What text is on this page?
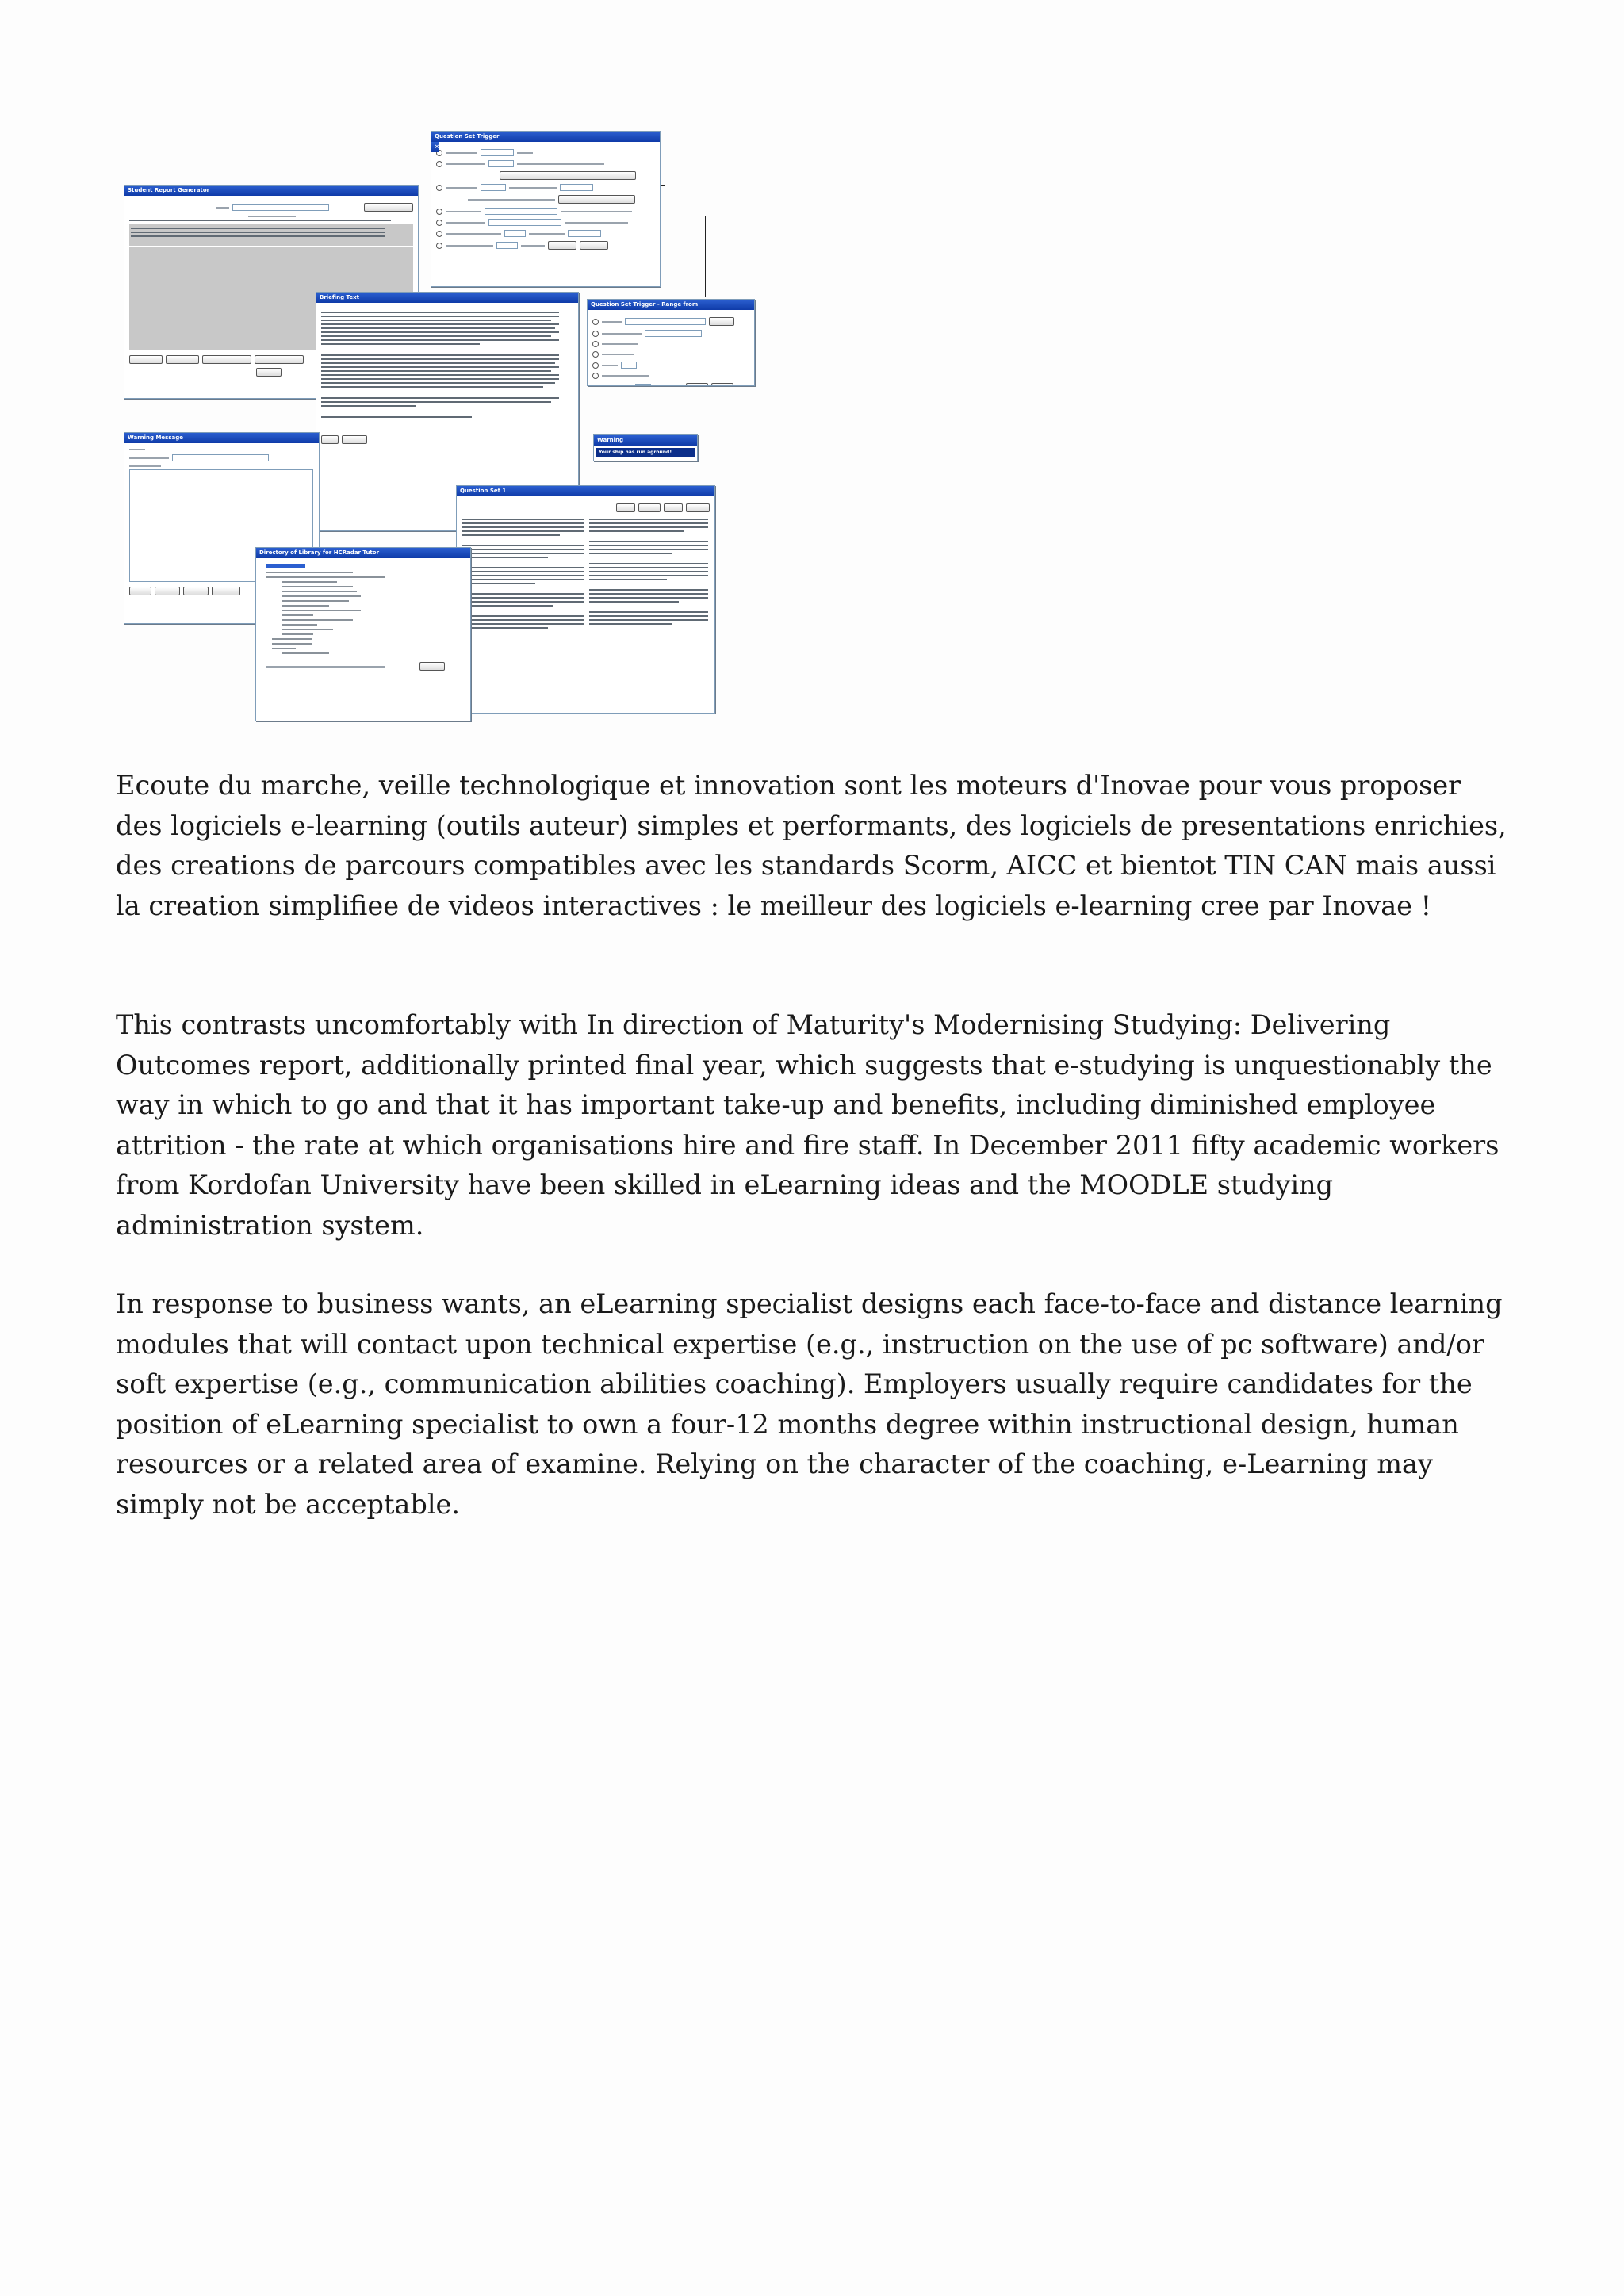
Question Set Trigger
×
Student Report Generator
Briefing Text
Question Set Trigger - Range from
Warning Message	Warning
Your ship has run aground!
Question Set 1
Directory of Library for HCRadar Tutor

Ecoute du marche, veille technologique et innovation sont les moteurs d'Inovae pour vous proposer des logiciels e-learning (outils auteur) simples et performants, des logiciels de presentations enrichies, des creations de parcours compatibles avec les standards Scorm, AICC et bientot TIN CAN mais aussi la creation simplifiee de videos interactives : le meilleur des logiciels e-learning cree par Inovae !

This contrasts uncomfortably with In direction of Maturity's Modernising Studying: Delivering Outcomes report, additionally printed final year, which suggests that e-studying is unquestionably the way in which to go and that it has important take-up and benefits, including diminished employee attrition - the rate at which organisations hire and fire staff. In December 2011 fifty academic workers from Kordofan University have been skilled in eLearning ideas and the MOODLE studying administration system.

In response to business wants, an eLearning specialist designs each face-to-face and distance learning modules that will contact upon technical expertise (e.g., instruction on the use of pc software) and/or soft expertise (e.g., communication abilities coaching). Employers usually require candidates for the position of eLearning specialist to own a four-12 months degree within instructional design, human resources or a related area of examine. Relying on the character of the coaching, e-Learning may simply not be acceptable.
